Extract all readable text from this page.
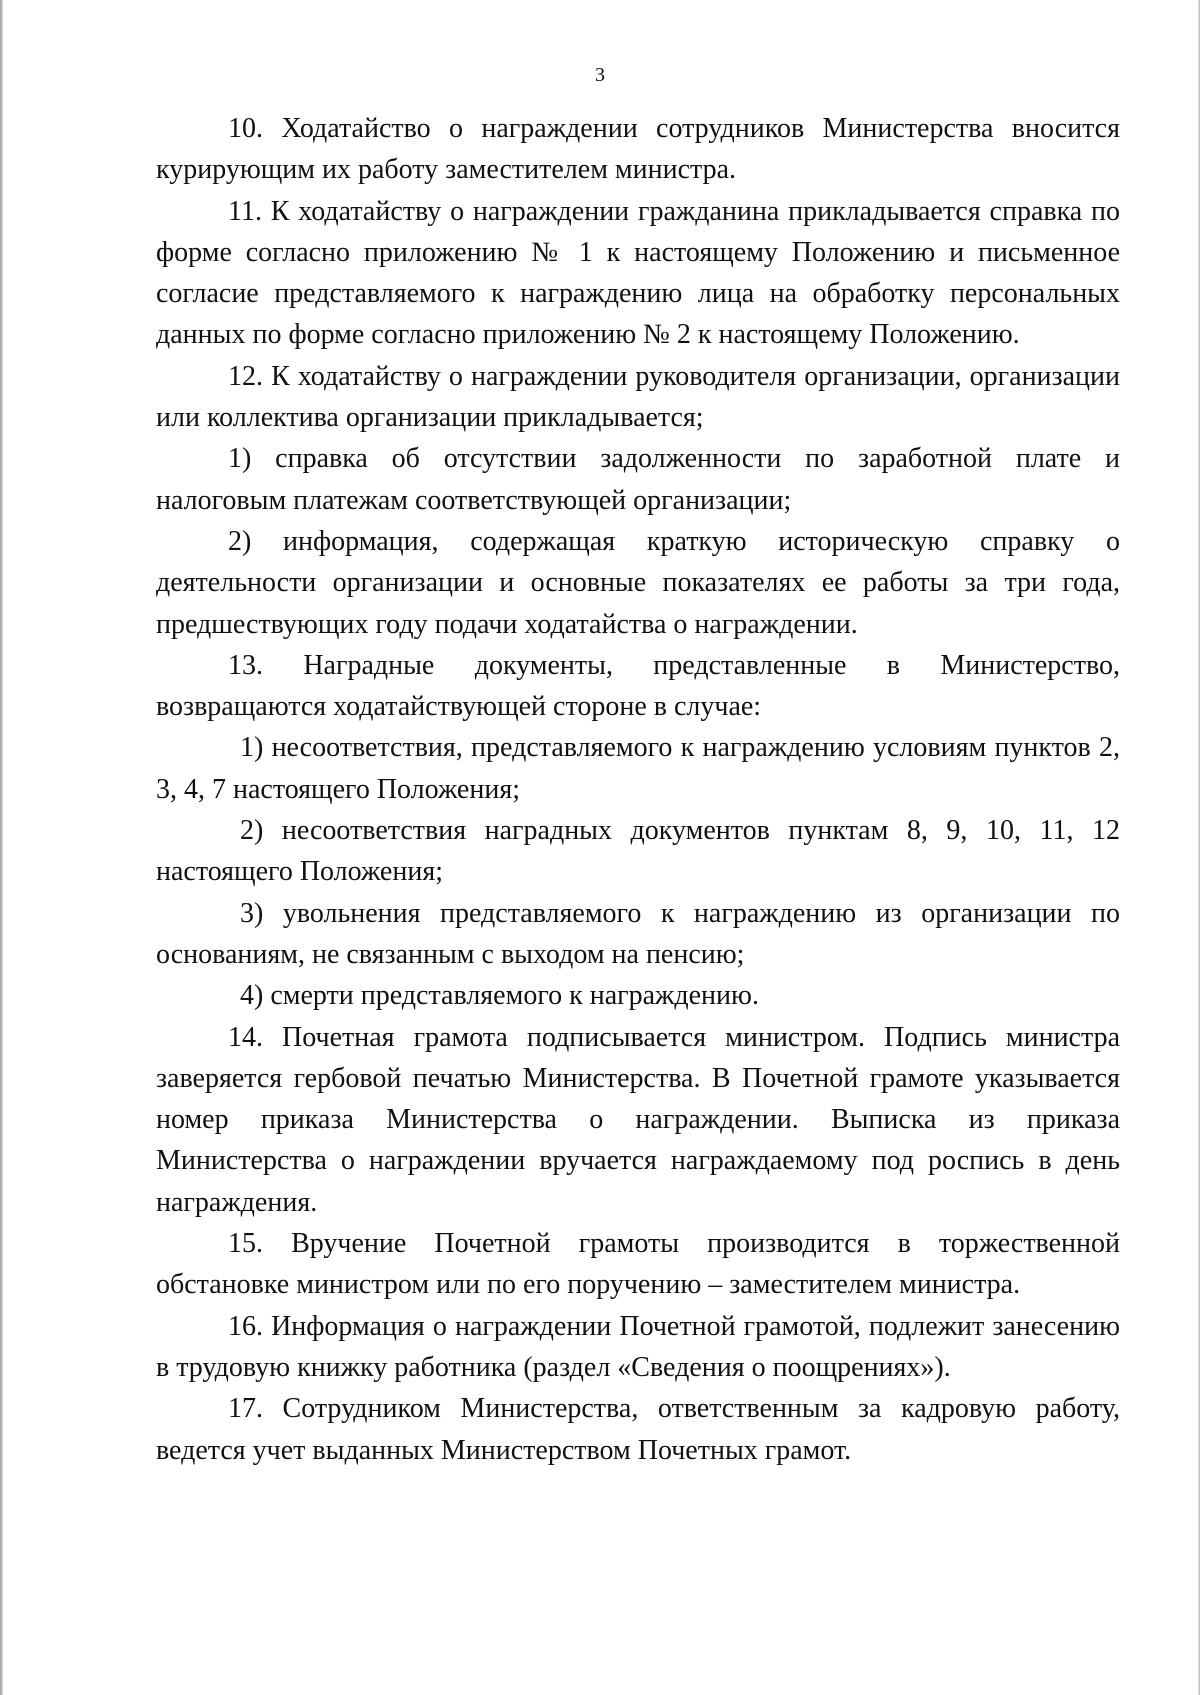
3

10. Ходатайство о награждении сотрудников Министерства вносится курирующим их работу заместителем министра.

11. К ходатайству о награждении гражданина прикладывается справка по форме согласно приложению № 1 к настоящему Положению и письменное согласие представляемого к награждению лица на обработку персональных данных по форме согласно приложению № 2 к настоящему Положению.

12. К ходатайству о награждении руководителя организации, организации или коллектива организации прикладывается;

1) справка об отсутствии задолженности по заработной плате и налоговым платежам соответствующей организации;

2) информация, содержащая краткую историческую справку о деятельности организации и основные показателях ее работы за три года, предшествующих году подачи ходатайства о награждении.

13. Наградные документы, представленные в Министерство, возвращаются ходатайствующей стороне в случае:

1) несоответствия, представляемого к награждению условиям пунктов 2, 3, 4, 7 настоящего Положения;

2) несоответствия наградных документов пунктам 8, 9, 10, 11, 12 настоящего Положения;

3) увольнения представляемого к награждению из организации по основаниям, не связанным с выходом на пенсию;

4) смерти представляемого к награждению.

14. Почетная грамота подписывается министром. Подпись министра заверяется гербовой печатью Министерства. В Почетной грамоте указывается номер приказа Министерства о награждении. Выписка из приказа Министерства о награждении вручается награждаемому под роспись в день награждения.

15. Вручение Почетной грамоты производится в торжественной обстановке министром или по его поручению – заместителем министра.

16. Информация о награждении Почетной грамотой, подлежит занесению в трудовую книжку работника (раздел «Сведения о поощрениях»).

17. Сотрудником Министерства, ответственным за кадровую работу, ведется учет выданных Министерством Почетных грамот.
